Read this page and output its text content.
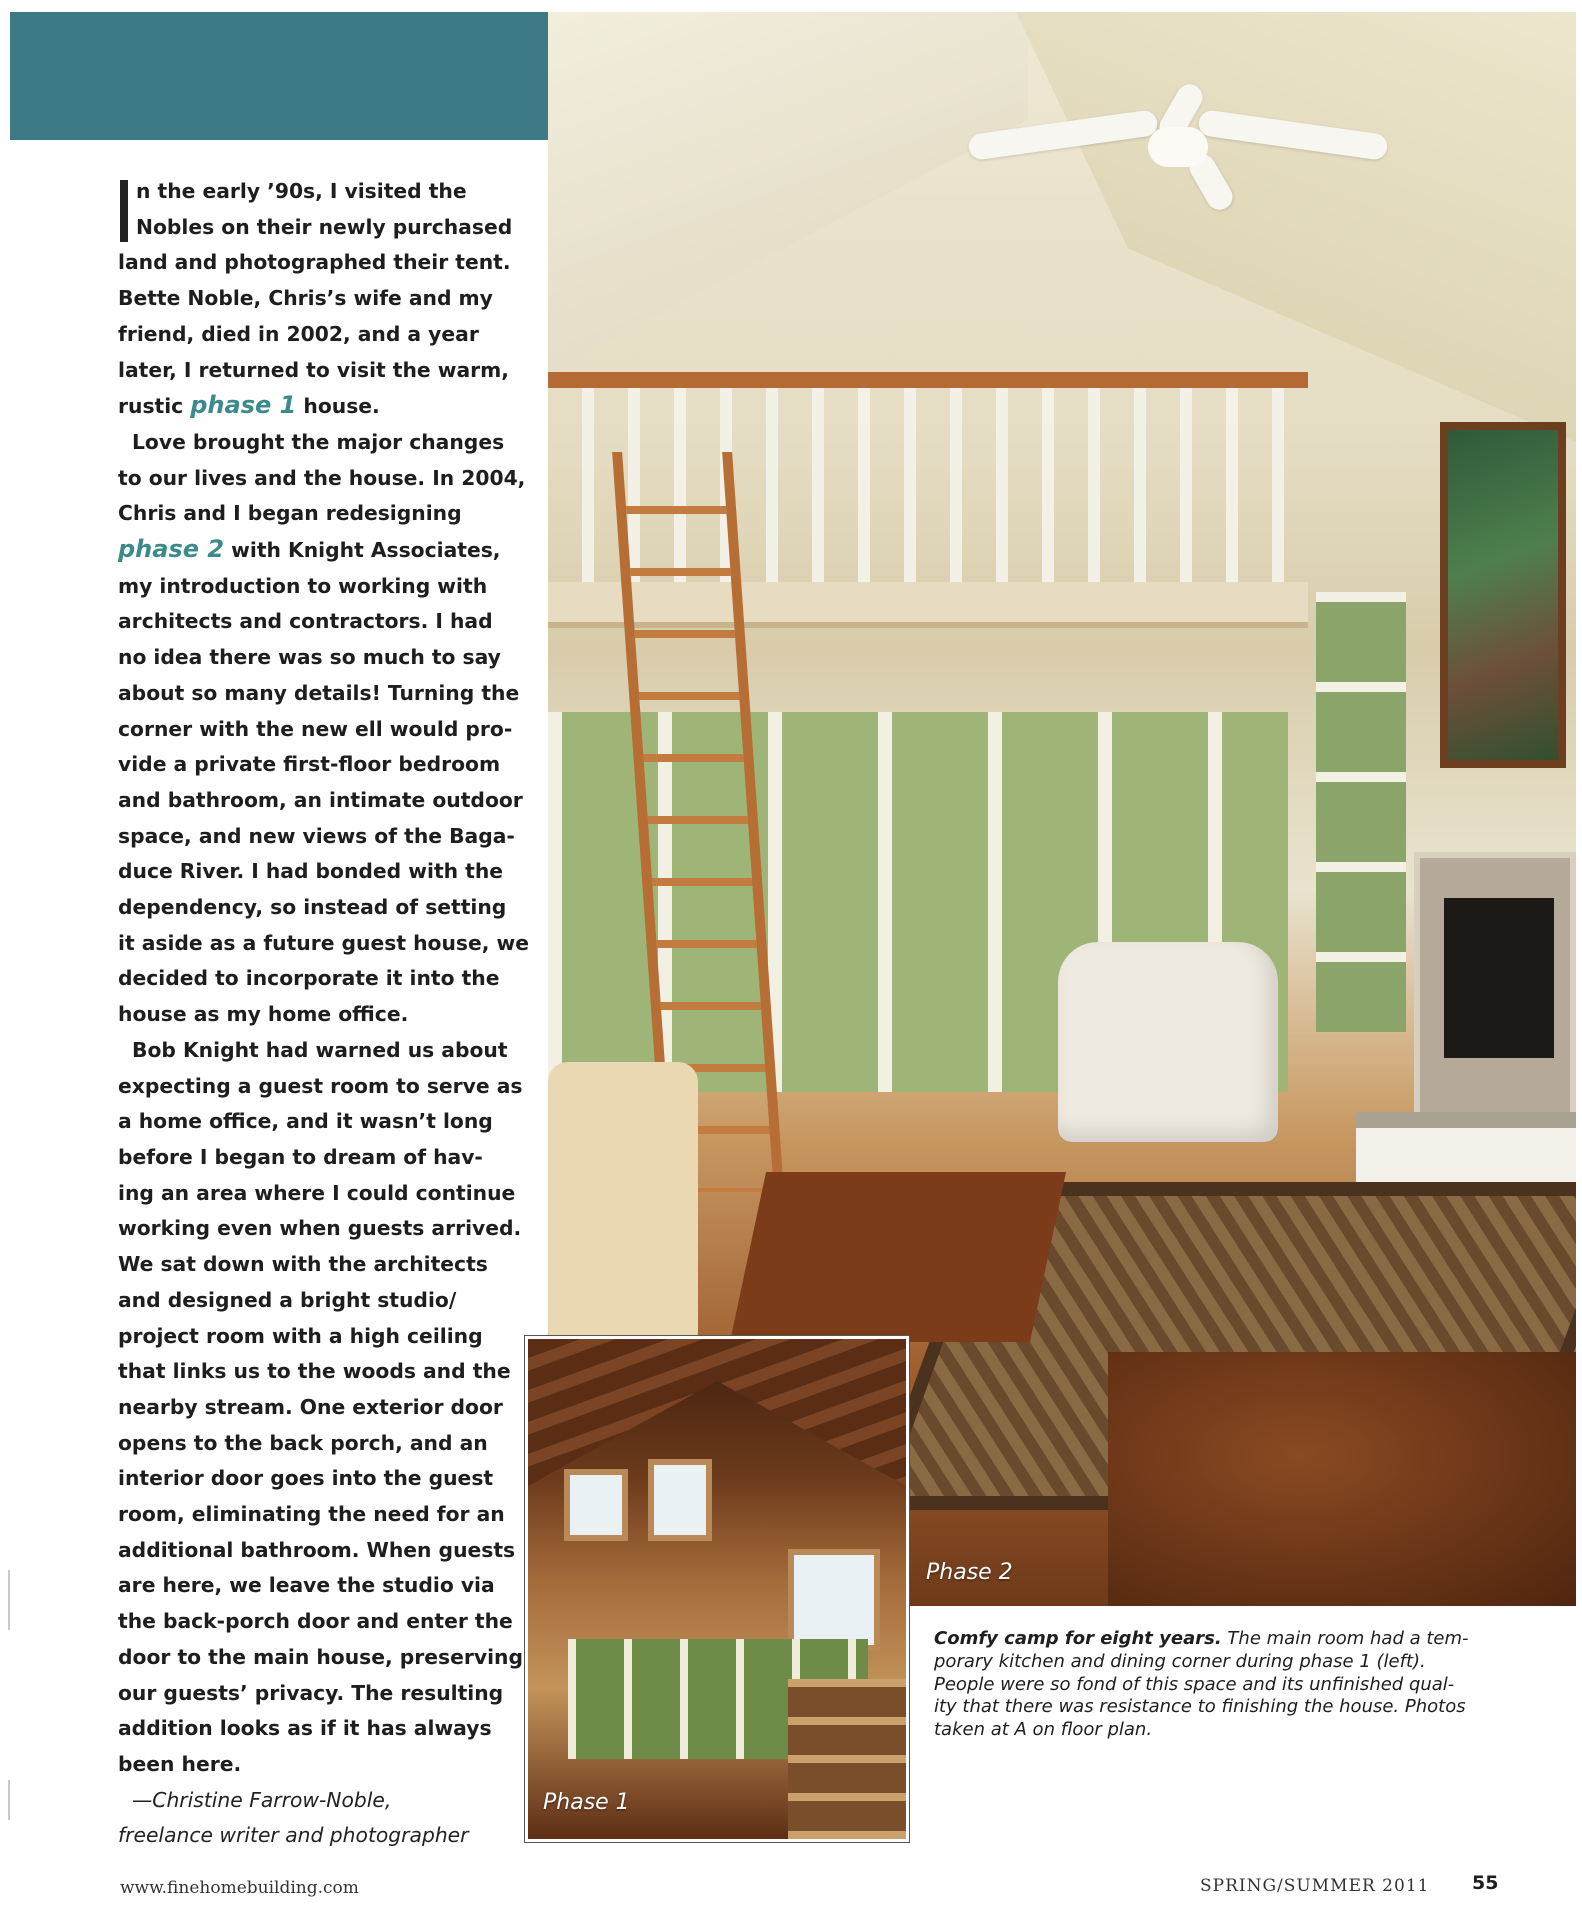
n the early ’90s, I visited the
Nobles on their newly purchased
land and photographed their tent.
Bette Noble, Chris’s wife and my
friend, died in 2002, and a year
later, I returned to visit the warm,
rustic phase 1 house.

Love brought the major changes
to our lives and the house. In 2004,
Chris and I began redesigning
phase 2 with Knight Associates,
my introduction to working with
architects and contractors. I had
no idea there was so much to say
about so many details! Turning the
corner with the new ell would pro-
vide a private first-floor bedroom
and bathroom, an intimate outdoor
space, and new views of the Baga-
duce River. I had bonded with the
dependency, so instead of setting
it aside as a future guest house, we
decided to incorporate it into the
house as my home office.

Bob Knight had warned us about
expecting a guest room to serve as
a home office, and it wasn’t long
before I began to dream of hav-
ing an area where I could continue
working even when guests arrived.
We sat down with the architects
and designed a bright studio/
project room with a high ceiling
that links us to the woods and the
nearby stream. One exterior door
opens to the back porch, and an
interior door goes into the guest
room, eliminating the need for an
additional bathroom. When guests
are here, we leave the studio via
the back-porch door and enter the
door to the main house, preserving
our guests’ privacy. The resulting
addition looks as if it has always
been here.

—Christine Farrow-Noble,
freelance writer and photographer

Phase 2
Phase 1
Comfy camp for eight years. The main room had a tem-
porary kitchen and dining corner during phase 1 (left).
People were so fond of this space and its unfinished qual-
ity that there was resistance to finishing the house. Photos
taken at A on floor plan.
www.finehomebuilding.com	SPRING/SUMMER 2011 55
